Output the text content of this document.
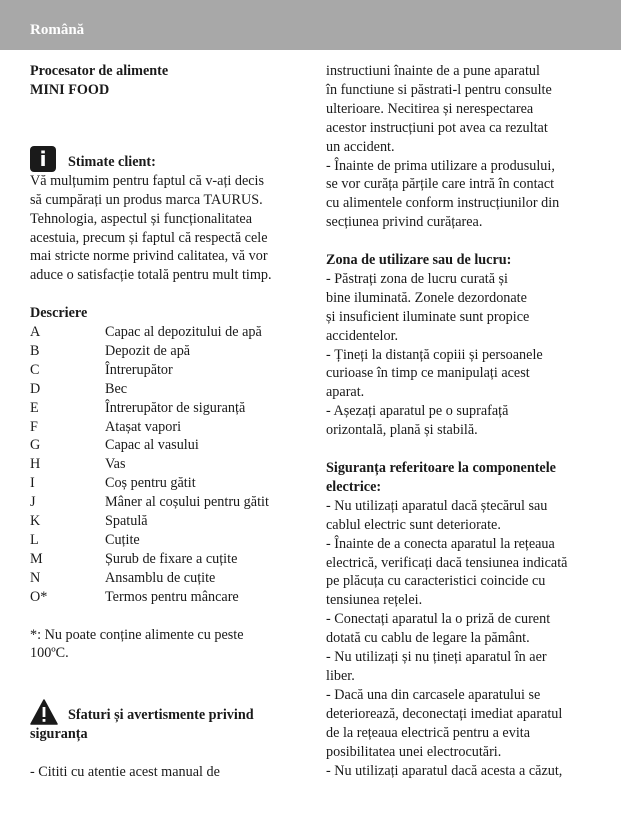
Română
Procesator de alimente
MINI FOOD
i	Stimate client:
Vă mulțumim pentru faptul că v-ați decis
să cumpărați un produs marca TAURUS.
Tehnologia, aspectul și funcționalitatea
acestuia, precum și faptul că respectă cele
mai stricte norme privind calitatea, vă vor
aduce o satisfacție totală pentru mult timp.
Descriere
A	Capac al depozitului de apă
B	Depozit de apă
C	Întrerupător
D	Bec
E	Întrerupător de siguranță
F	Atașat vapori
G	Capac al vasului
H	Vas
I	Coș pentru gătit
J	Mâner al coșului pentru gătit
K	Spatulă
L	Cuțite
M	Șurub de fixare a cuțite
N	Ansamblu de cuțite
O*	Termos pentru mâncare
*: Nu poate conține alimente cu peste
100ºC.
Sfaturi și avertismente privind
siguranța
- Cititi cu atentie acest manual de
instructiuni înainte de a pune aparatul
în functiune si păstrati-l pentru consulte
ulterioare. Necitirea și nerespectarea
acestor instrucțiuni pot avea ca rezultat
un accident.
- Înainte de prima utilizare a produsului,
se vor curăța părțile care intră în contact
cu alimentele conform instrucțiunilor din
secțiunea privind curățarea.
Zona de utilizare sau de lucru:
- Păstrați zona de lucru curată și
bine iluminată. Zonele dezordonate
și insuficient iluminate sunt propice
accidentelor.
- Țineți la distanță copiii și persoanele
curioase în timp ce manipulați acest
aparat.
- Așezați aparatul pe o suprafață
orizontală, plană și stabilă.
Siguranța referitoare la componentele
electrice:
- Nu utilizați aparatul dacă ștecărul sau
cablul electric sunt deteriorate.
- Înainte de a conecta aparatul la rețeaua
electrică, verificați dacă tensiunea indicată
pe plăcuța cu caracteristici coincide cu
tensiunea rețelei.
- Conectați aparatul la o priză de curent
dotată cu cablu de legare la pământ.
- Nu utilizați și nu țineți aparatul în aer
liber.
- Dacă una din carcasele aparatului se
deteriorează, deconectați imediat aparatul
de la rețeaua electrică pentru a evita
posibilitatea unei electrocutări.
- Nu utilizați aparatul dacă acesta a căzut,
